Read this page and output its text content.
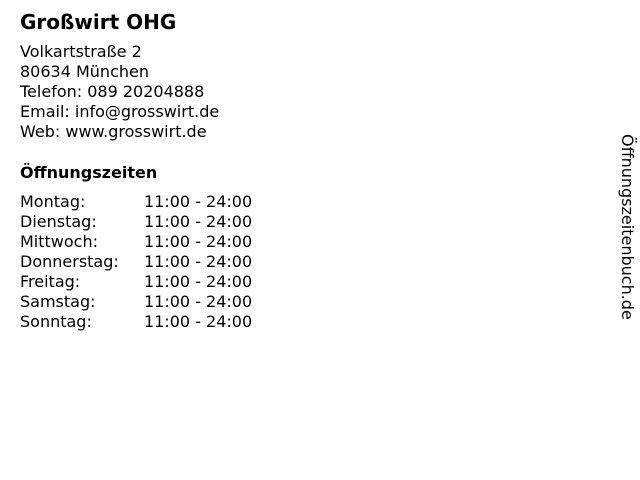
Großwirt OHG
Volkartstraße 2
80634 München
Telefon: 089 20204888
Email: info@grosswirt.de
Web: www.grosswirt.de
Öffnungszeiten
Montag:	11:00 - 24:00
Dienstag:	11:00 - 24:00
Mittwoch:	11:00 - 24:00
Donnerstag:	11:00 - 24:00
Freitag:	11:00 - 24:00
Samstag:	11:00 - 24:00
Sonntag:	11:00 - 24:00
Öffnungszeitenbuch.de
